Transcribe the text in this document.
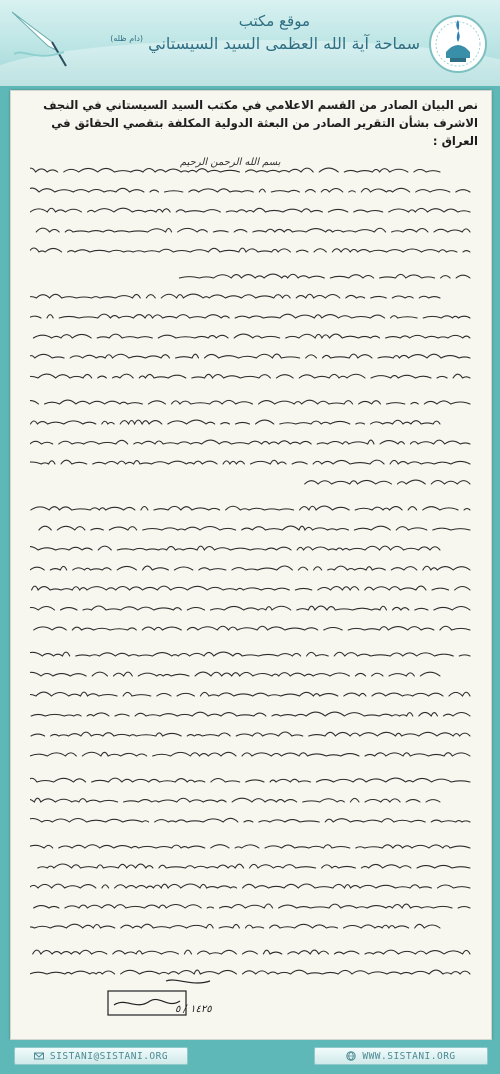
موقع مكتب
سماحة آية الله العظمى السيد السيستاني $^{(دام ظله)}$
نص البيان الصادر من القسم الاعلامي في مكتب السيد السيستاني في النجف الاشرف بشأن التقرير الصادر من البعثة الدولية المكلفة بتقصي الحقائق في العراق :
بسم الله الرحمن الرحيم
١٤٢٥ / ٥
SISTANI@SISTANI.ORG	WWW.SISTANI.ORG
